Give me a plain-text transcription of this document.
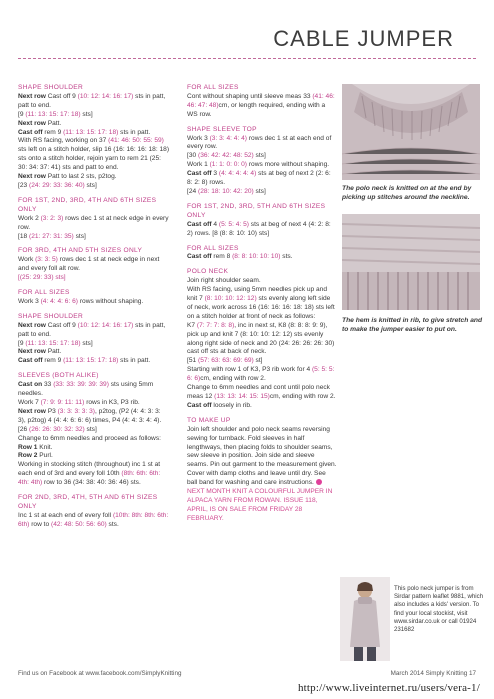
CABLE JUMPER

SHAPE SHOULDER

Next row Cast off 9 (10: 12: 14: 16: 17) sts in patt, patt to end.

[9 (11: 13: 15: 17: 18) sts]

Next row Patt.

Cast off rem 9 (11: 13: 15: 17: 18) sts in patt.

With RS facing, working on 37 (41: 46: 50: 55: 59) sts left on a stitch holder, slip 16 (16: 16: 16: 18: 18) sts onto a stitch holder, rejoin yarn to rem 21 (25: 30: 34: 37: 41) sts and patt to end.

Next row Patt to last 2 sts, p2tog.

[23 (24: 29: 33: 36: 40) sts]

FOR 1ST, 2ND, 3RD, 4TH AND 6TH SIZES ONLY

Work 2 (3: 2: 3) rows dec 1 st at neck edge in every row.

[18 (21: 27: 31: 35) sts]

FOR 3RD, 4TH AND 5TH SIZES ONLY

Work (3: 3: 5) rows dec 1 st at neck edge in next and every foll alt row.

[(25: 29: 33) sts]

FOR ALL SIZES

Work 3 (4: 4: 4: 6: 6) rows without shaping.

SHAPE SHOULDER

Next row Cast off 9 (10: 12: 14: 16: 17) sts in patt, patt to end.

[9 (11: 13: 15: 17: 18) sts]

Next row Patt.

Cast off rem 9 (11: 13: 15: 17: 18) sts in patt.

SLEEVES (BOTH ALIKE)

Cast on 33 (33: 33: 39: 39: 39) sts using 5mm needles.

Work 7 (7: 9: 9: 11: 11) rows in K3, P3 rib.

Next row P3 (3: 3: 3: 3: 3), p2tog, (P2 (4: 4: 3: 3: 3), p2tog) 4 (4: 4: 6: 6: 6) times, P4 (4: 4: 3: 4: 4).

[26 (26: 26: 30: 32: 32) sts]

Change to 6mm needles and proceed as follows:

Row 1 Knit.

Row 2 Purl.

Working in stocking stitch (throughout) inc 1 st at each end of 3rd and every foll 10th (8th: 6th: 6th: 4th: 4th) row to 36 (34: 38: 40: 36: 46) sts.

FOR 2ND, 3RD, 4TH, 5TH AND 6TH SIZES ONLY

Inc 1 st at each end of every foll (10th: 8th: 8th: 6th: 6th) row to (42: 48: 50: 56: 60) sts.

FOR ALL SIZES

Cont without shaping until sleeve meas 33 (41: 46: 46: 47: 48)cm, or length required, ending with a WS row.

SHAPE SLEEVE TOP

Work 3 (3: 3: 4: 4: 4) rows dec 1 st at each end of every row.

[30 (36: 42: 42: 48: 52) sts]

Work 1 (1: 1: 0: 0: 0) rows more without shaping.

Cast off 3 (4: 4: 4: 4: 4) sts at beg of next 2 (2: 6: 8: 2: 8) rows.

[24 (28: 18: 10: 42: 20) sts]

FOR 1ST, 2ND, 3RD, 5TH AND 6TH SIZES ONLY

Cast off 4 (5: 5: 4: 5) sts at beg of next 4 (4: 2: 8: 2) rows. [8 (8: 8: 10: 10) sts]

FOR ALL SIZES

Cast off rem 8 (8: 8: 10: 10: 10) sts.

POLO NECK

Join right shoulder seam.

With RS facing, using 5mm needles pick up and knit 7 (8: 10: 10: 12: 12) sts evenly along left side of neck, work across 16 (16: 16: 16: 18: 18) sts left on a stitch holder at front of neck as follows:

K7 (7: 7: 7: 8: 8), inc in next st, K8 (8: 8: 8: 9: 9), pick up and knit 7 (8: 10: 10: 12: 12) sts evenly along right side of neck and 20 (24: 26: 26: 26: 30) cast off sts at back of neck.

[51 (57: 63: 63: 69: 69) st]

Starting with row 1 of K3, P3 rib work for 4 (5: 5: 5: 6: 6)cm, ending with row 2.

Change to 6mm needles and cont until polo neck meas 12 (13: 13: 14: 15: 15)cm, ending with row 2.

Cast off loosely in rib.

TO MAKE UP

Join left shoulder and polo neck seams reversing sewing for turnback. Fold sleeves in half lengthways, then placing folds to shoulder seams, sew sleeve in position. Join side and sleeve seams. Pin out garment to the measurement given. Cover with damp cloths and leave until dry. See ball band for washing and care instructions.

NEXT MONTH KNIT A COLOURFUL JUMPER IN ALPACA YARN FROM ROWAN. ISSUE 118, APRIL, IS ON SALE FROM FRIDAY 28 FEBRUARY.

The polo neck is knitted on at the end by picking up stitches around the neckline.
The hem is knitted in rib, to give stretch and to make the jumper easier to put on.
This polo neck jumper is from Sirdar pattern leaflet 9881, which also includes a kids' version. To find your local stockist, visit www.sirdar.co.uk or call 01924 231682
Find us on Facebook at www.facebook.com/SimplyKnitting	March 2014 Simply Knitting 17
http://www.liveinternet.ru/users/vera-1/
